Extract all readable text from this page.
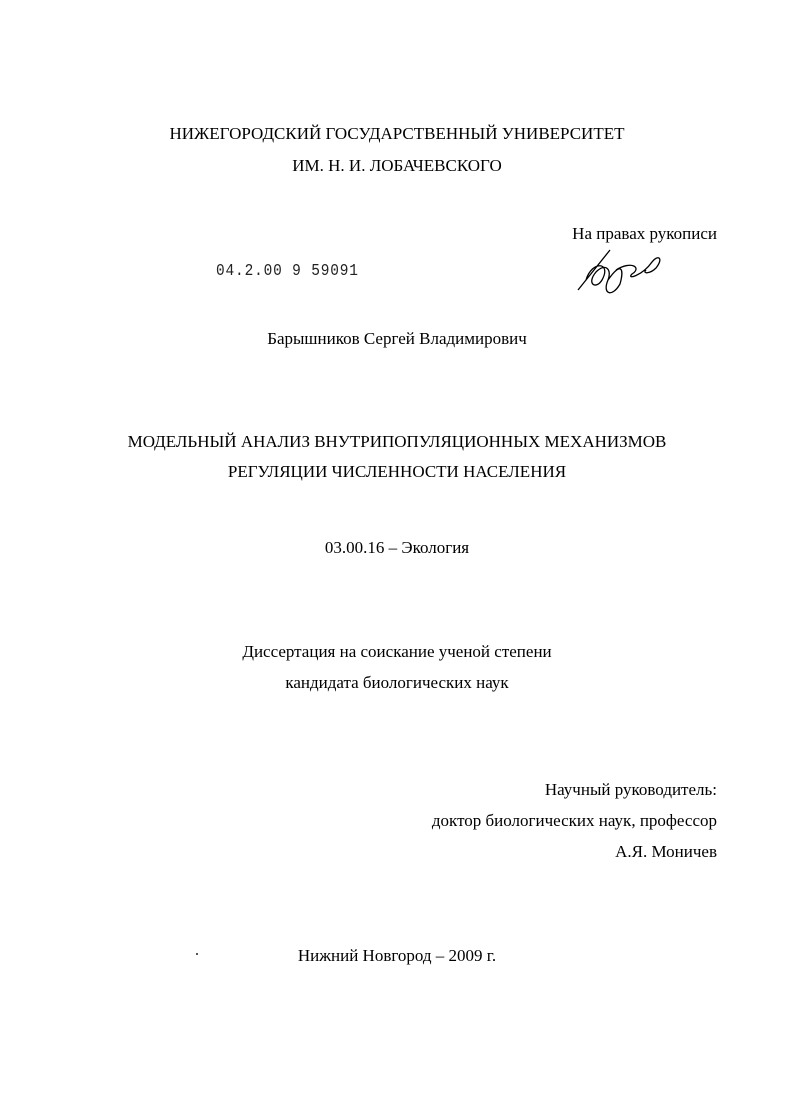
НИЖЕГОРОДСКИЙ ГОСУДАРСТВЕННЫЙ УНИВЕРСИТЕТ
ИМ. Н. И. ЛОБАЧЕВСКОГО
На правах рукописи
04.2.00 9 59091
Барышников Сергей Владимирович
МОДЕЛЬНЫЙ АНАЛИЗ ВНУТРИПОПУЛЯЦИОННЫХ МЕХАНИЗМОВ
РЕГУЛЯЦИИ ЧИСЛЕННОСТИ НАСЕЛЕНИЯ
03.00.16 – Экология
Диссертация на соискание ученой степени
кандидата биологических наук
Научный руководитель:
доктор биологических наук, профессор
А.Я. Моничев
Нижний Новгород – 2009 г.
